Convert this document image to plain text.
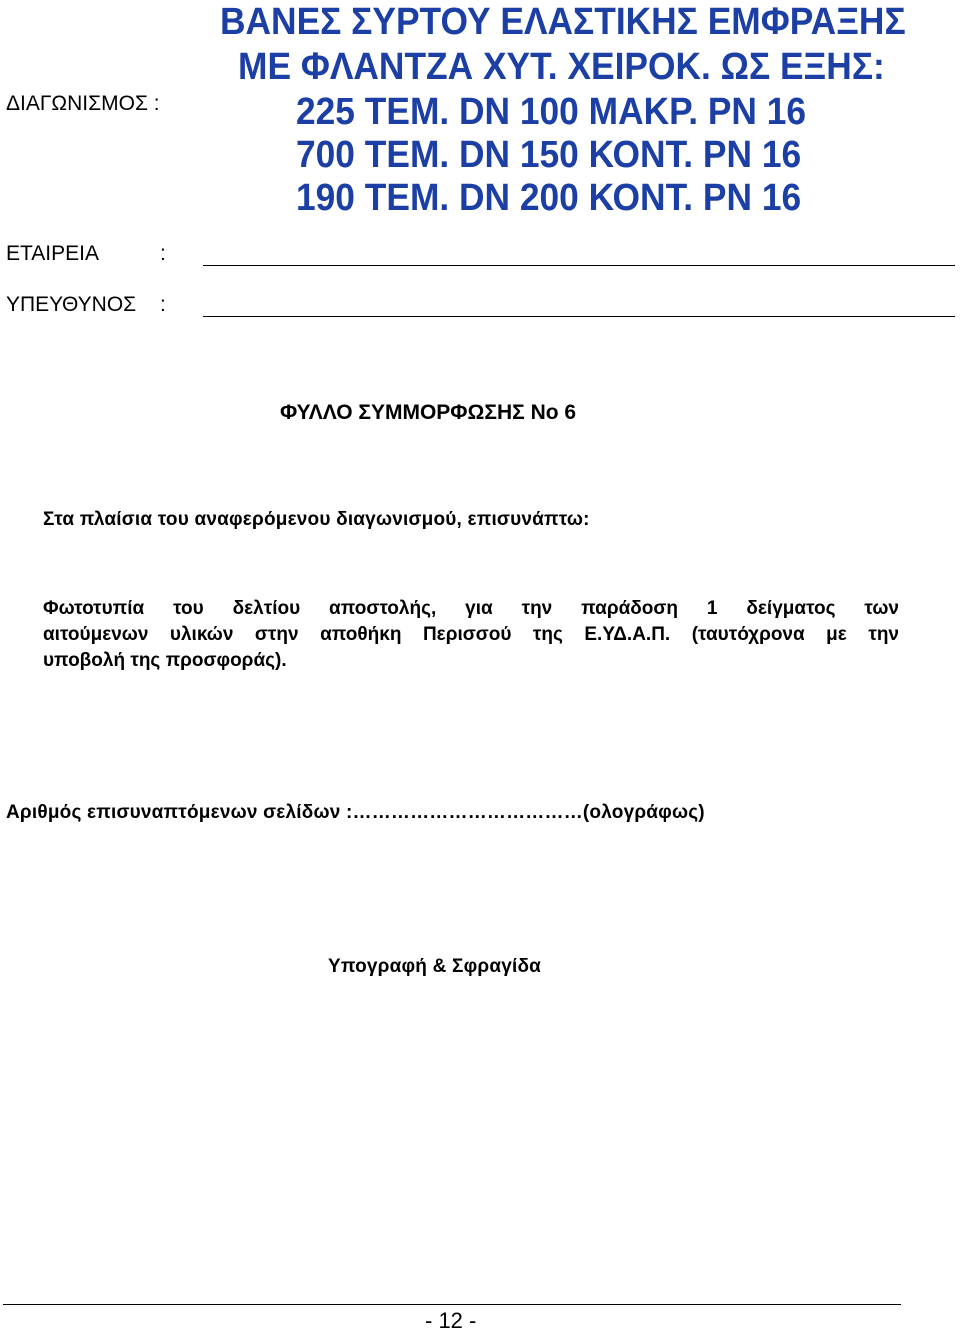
ΔΙΑΓΩΝΙΣΜΟΣ :
ΒΑΝΕΣ ΣΥΡΤΟΥ ΕΛΑΣΤΙΚΗΣ ΕΜΦΡΑΞΗΣ
ΜΕ ΦΛΑΝΤΖΑ ΧΥΤ. ΧΕΙΡΟΚ. ΩΣ ΕΞΗΣ:
225 ΤΕΜ. DN 100 ΜΑΚΡ. PN 16
700 ΤΕΜ. DN 150 ΚΟΝΤ. PN 16
190 ΤΕΜ. DN 200 ΚΟΝΤ. PN 16
ΕΤΑΙΡΕΙΑ	:
ΥΠΕΥΘΥΝΟΣ :
ΦΥΛΛΟ ΣΥΜΜΟΡΦΩΣΗΣ Νο 6
Στα πλαίσια του αναφερόμενου διαγωνισμού, επισυνάπτω:
Φωτοτυπία του δελτίου αποστολής, για την παράδοση 1 δείγματος των
αιτούμενων υλικών στην αποθήκη Περισσού της Ε.ΥΔ.Α.Π. (ταυτόχρονα με την
υποβολή της προσφοράς).
Αριθμός επισυναπτόμενων σελίδων :………………………………(ολογράφως)
Υπογραφή & Σφραγίδα
- 12 -
